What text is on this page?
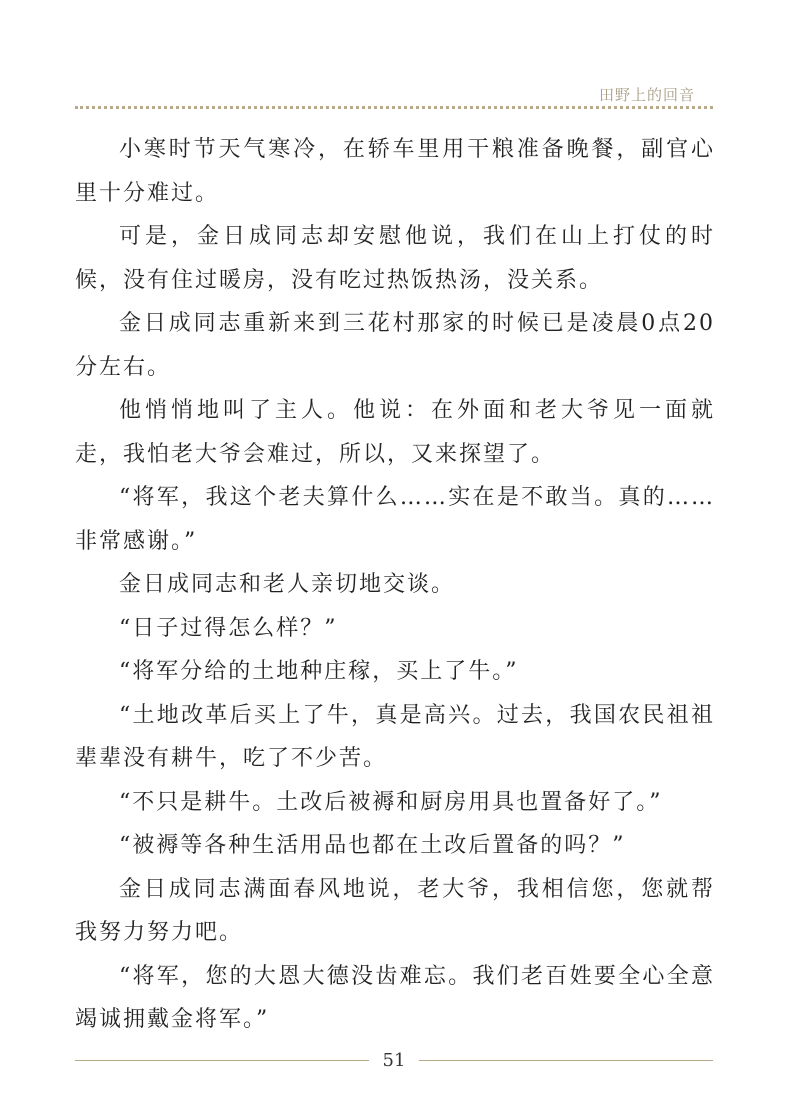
田野上的回音

小寒时节天气寒冷，在轿车里用干粮准备晚餐，副官心里十分难过。

可是，金日成同志却安慰他说，我们在山上打仗的时候，没有住过暖房，没有吃过热饭热汤，没关系。

金日成同志重新来到三花村那家的时候已是凌晨0点20分左右。

他悄悄地叫了主人。他说：在外面和老大爷见一面就走，我怕老大爷会难过，所以，又来探望了。

“将军，我这个老夫算什么……实在是不敢当。真的……非常感谢。”

金日成同志和老人亲切地交谈。

“日子过得怎么样？”

“将军分给的土地种庄稼，买上了牛。”

“土地改革后买上了牛，真是高兴。过去，我国农民祖祖辈辈没有耕牛，吃了不少苦。

“不只是耕牛。土改后被褥和厨房用具也置备好了。”

“被褥等各种生活用品也都在土改后置备的吗？”

金日成同志满面春风地说，老大爷，我相信您，您就帮我努力努力吧。

“将军，您的大恩大德没齿难忘。我们老百姓要全心全意竭诚拥戴金将军。”

51
